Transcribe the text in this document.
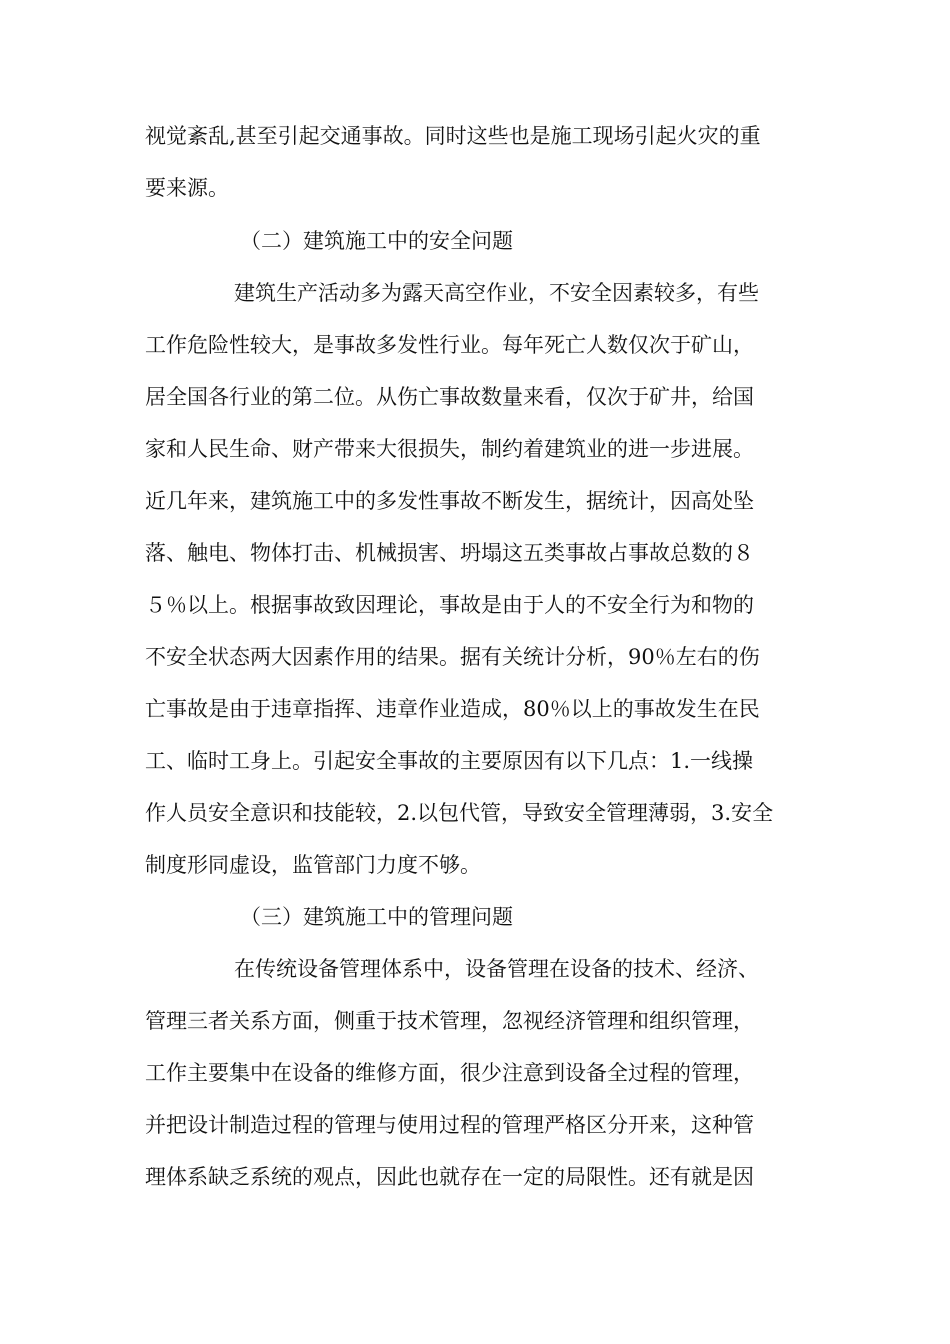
视觉紊乱,甚至引起交通事故。同时这些也是施工现场引起火灾的重
要来源。
（二）建筑施工中的安全问题
建筑生产活动多为露天高空作业，不安全因素较多，有些
工作危险性较大，是事故多发性行业。每年死亡人数仅次于矿山，
居全国各行业的第二位。从伤亡事故数量来看，仅次于矿井，给国
家和人民生命、财产带来大很损失，制约着建筑业的进一步进展。
近几年来，建筑施工中的多发性事故不断发生，据统计，因高处坠
落、触电、物体打击、机械损害、坍塌这五类事故占事故总数的８
５％以上。根据事故致因理论，事故是由于人的不安全行为和物的
不安全状态两大因素作用的结果。据有关统计分析，90％左右的伤
亡事故是由于违章指挥、违章作业造成，80％以上的事故发生在民
工、临时工身上。引起安全事故的主要原因有以下几点：1.一线操
作人员安全意识和技能较，2.以包代管，导致安全管理薄弱，3.安全
制度形同虚设，监管部门力度不够。
（三）建筑施工中的管理问题
在传统设备管理体系中，设备管理在设备的技术、经济、
管理三者关系方面，侧重于技术管理，忽视经济管理和组织管理，
工作主要集中在设备的维修方面，很少注意到设备全过程的管理，
并把设计制造过程的管理与使用过程的管理严格区分开来，这种管
理体系缺乏系统的观点，因此也就存在一定的局限性。还有就是因
